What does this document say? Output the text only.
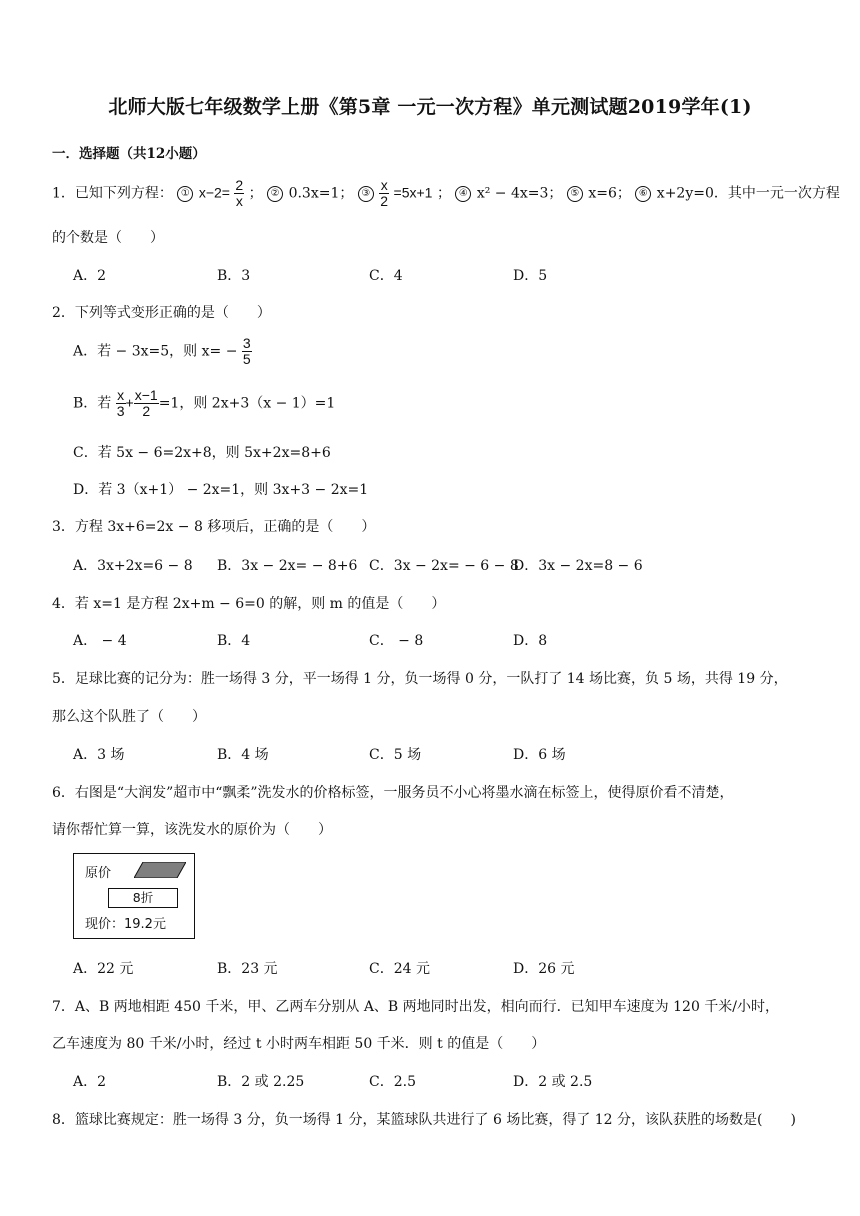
北师大版七年级数学上册《第5章 一元一次方程》单元测试题2019学年(1)
一．选择题（共12小题）
1．已知下列方程： ① $x-2= \frac{2}{x}$ ； ② 0.3x=1； ③ $\frac{x}{2} =5x+1$ ； ④ x² − 4x=3； ⑤ x=6； ⑥ x+2y=0．其中一元一次方程
的个数是（　　）
A．2	B．3	C．4	D．5
2．下列等式变形正确的是（　　）
A．若 − 3x=5，则 $x= - \frac{3}{5}$
B．若 $\frac{x}{3} + \frac{x-1}{2} =1$，则 2x+3（x − 1）=1
C．若 5x − 6=2x+8，则 5x+2x=8+6
D．若 3（x+1） − 2x=1，则 3x+3 − 2x=1
3．方程 3x+6=2x − 8 移项后，正确的是（　　）
A．3x+2x=6 − 8 B．3x − 2x= − 8+6 C．3x − 2x= − 6 − 8
D．3x − 2x=8 − 6
4．若 x=1 是方程 2x+m − 6=0 的解，则 m 的值是（　　）
A． − 4	B．4	C． − 8	D．8
5．足球比赛的记分为：胜一场得 3 分，平一场得 1 分，负一场得 0 分，一队打了 14 场比赛，负 5 场，共得 19 分，
那么这个队胜了（　　）
A．3 场	B．4 场	C．5 场	D．6 场
6．右图是“大润发”超市中“飘柔”洗发水的价格标签，一服务员不小心将墨水滴在标签上，使得原价看不清楚，
请你帮忙算一算，该洗发水的原价为（　　）
原价
8折
现价：19.2元
A．22 元	B．23 元	C．24 元	D．26 元
7．A、B 两地相距 450 千米，甲、乙两车分别从 A、B 两地同时出发，相向而行．已知甲车速度为 120 千米/小时，
乙车速度为 80 千米/小时，经过 t 小时两车相距 50 千米．则 t 的值是（　　）
A．2	B．2 或 2.25	C．2.5	D．2 或 2.5
8．篮球比赛规定：胜一场得 3 分，负一场得 1 分，某篮球队共进行了 6 场比赛，得了 12 分，该队获胜的场数是(　　)
